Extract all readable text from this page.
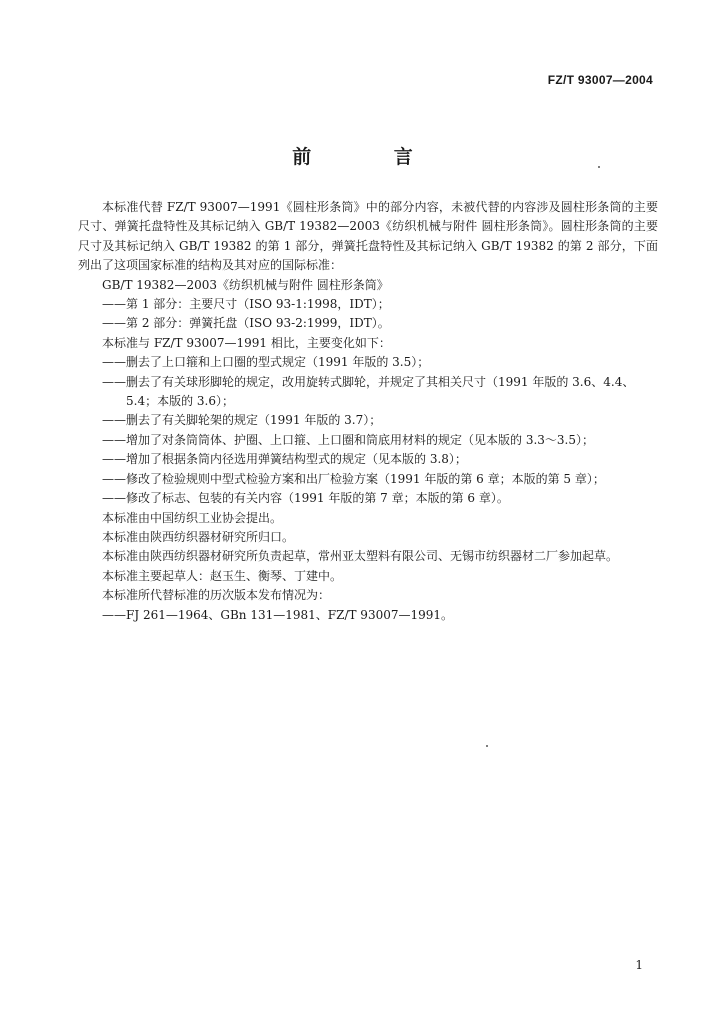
FZ/T 93007—2004
前 言

本标准代替 FZ/T 93007—1991《圆柱形条筒》中的部分内容，未被代替的内容涉及圆柱形条筒的主要尺寸、弹簧托盘特性及其标记纳入 GB/T 19382—2003《纺织机械与附件 圆柱形条筒》。圆柱形条筒的主要尺寸及其标记纳入 GB/T 19382 的第 1 部分，弹簧托盘特性及其标记纳入 GB/T 19382 的第 2 部分，下面列出了这项国家标准的结构及其对应的国际标准：

GB/T 19382—2003《纺织机械与附件 圆柱形条筒》

——第 1 部分：主要尺寸（ISO 93-1:1998，IDT）；

——第 2 部分：弹簧托盘（ISO 93-2:1999，IDT）。

本标准与 FZ/T 93007—1991 相比，主要变化如下：

——删去了上口箍和上口圈的型式规定（1991 年版的 3.5）；

——删去了有关球形脚轮的规定，改用旋转式脚轮，并规定了其相关尺寸（1991 年版的 3.6、4.4、

5.4；本版的 3.6）；

——删去了有关脚轮架的规定（1991 年版的 3.7）；

——增加了对条筒筒体、护圈、上口箍、上口圈和筒底用材料的规定（见本版的 3.3～3.5）；

——增加了根据条筒内径选用弹簧结构型式的规定（见本版的 3.8）；

——修改了检验规则中型式检验方案和出厂检验方案（1991 年版的第 6 章；本版的第 5 章）；

——修改了标志、包装的有关内容（1991 年版的第 7 章；本版的第 6 章）。

本标准由中国纺织工业协会提出。

本标准由陕西纺织器材研究所归口。

本标准由陕西纺织器材研究所负责起草，常州亚太塑料有限公司、无锡市纺织器材二厂参加起草。

本标准主要起草人：赵玉生、衡琴、丁建中。

本标准所代替标准的历次版本发布情况为：

——FJ 261—1964、GBn 131—1981、FZ/T 93007—1991。

1
